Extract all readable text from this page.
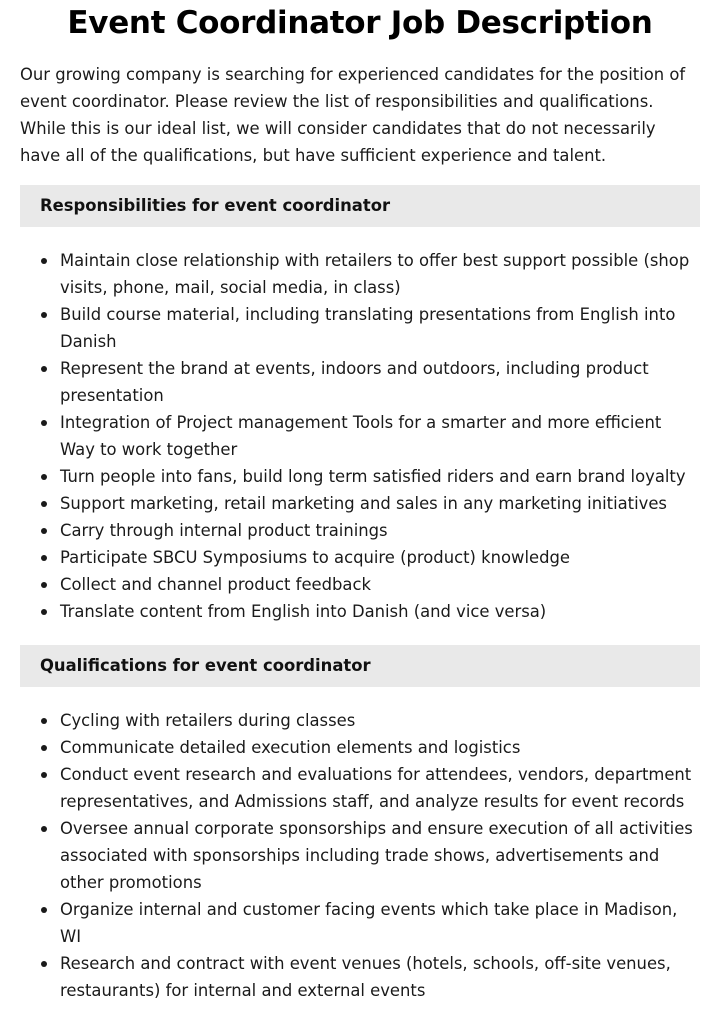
Event Coordinator Job Description

Our growing company is searching for experienced candidates for the position of event coordinator. Please review the list of responsibilities and qualifications. While this is our ideal list, we will consider candidates that do not necessarily have all of the qualifications, but have sufficient experience and talent.

Responsibilities for event coordinator
Maintain close relationship with retailers to offer best support possible (shop visits, phone, mail, social media, in class)
Build course material, including translating presentations from English into Danish
Represent the brand at events, indoors and outdoors, including product presentation
Integration of Project management Tools for a smarter and more efficient Way to work together
Turn people into fans, build long term satisfied riders and earn brand loyalty
Support marketing, retail marketing and sales in any marketing initiatives
Carry through internal product trainings
Participate SBCU Symposiums to acquire (product) knowledge
Collect and channel product feedback
Translate content from English into Danish (and vice versa)
Qualifications for event coordinator
Cycling with retailers during classes
Communicate detailed execution elements and logistics
Conduct event research and evaluations for attendees, vendors, department representatives, and Admissions staff, and analyze results for event records
Oversee annual corporate sponsorships and ensure execution of all activities associated with sponsorships including trade shows, advertisements and other promotions
Organize internal and customer facing events which take place in Madison, WI
Research and contract with event venues (hotels, schools, off-site venues, restaurants) for internal and external events
